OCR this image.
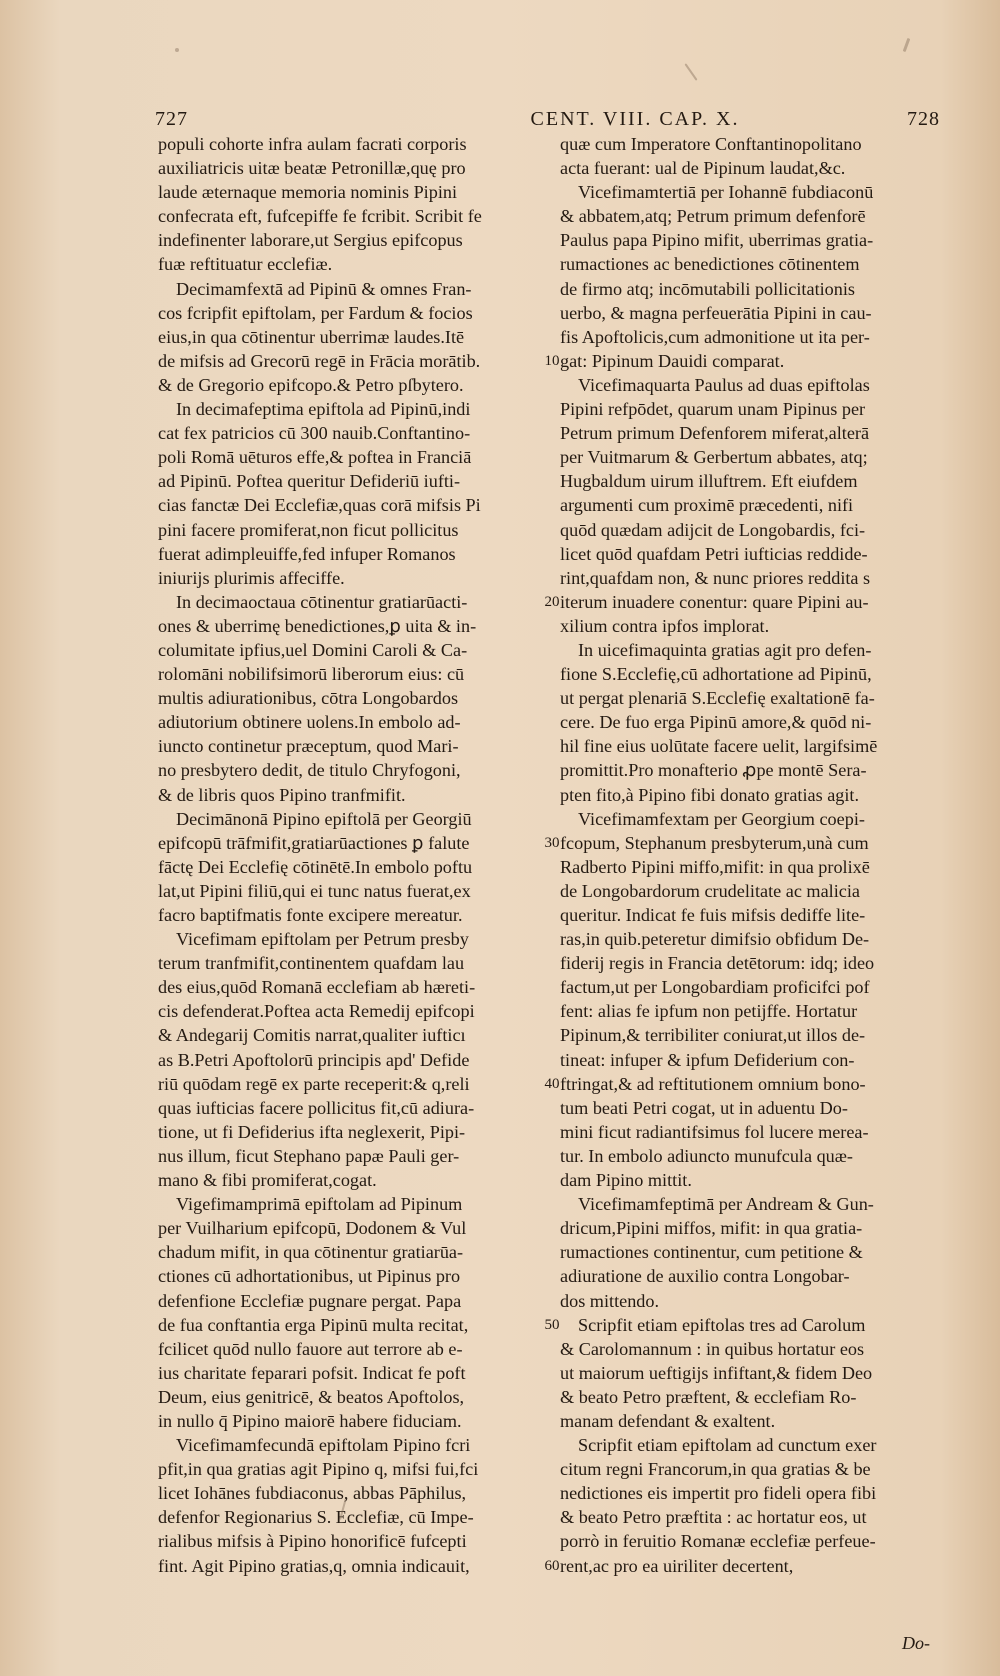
727	CENT. VIII. CAP. X.	728
populi cohorte infra aulam facrati corporis
auxiliatricis uitæ beatæ Petronillæ,quę pro
laude æternaque memoria nominis Pipini
confecrata eft, fufcepiffe fe fcribit. Scribit fe
indefinenter laborare,ut Sergius epifcopus
fuæ reftituatur ecclefiæ.
Decimamfextā ad Pipinū & omnes Fran-
cos fcripfit epiftolam, per Fardum & focios
eius,in qua cōtinentur uberrimæ laudes.Itē
de mifsis ad Grecorū regē in Frācia morātib.
& de Gregorio epifcopo.& Petro pſbytero.
In decimafeptima epiftola ad Pipinū,indi
cat fex patricios cū 300 nauib.Conftantino-
poli Romā uēturos effe,& poftea in Franciā
ad Pipinū. Poftea queritur Defideriū iufti-
cias fanctæ Dei Ecclefiæ,quas corā mifsis Pi
pini facere promiferat,non ficut pollicitus
fuerat adimpleuiffe,fed infuper Romanos
iniurijs plurimis affeciffe.
In decimaoctaua cōtinentur gratiarūacti-
ones & uberrimę benedictiones,ꝑ uita & in-
columitate ipfius,uel Domini Caroli & Ca-
rolomāni nobilifsimorū liberorum eius: cū
multis adiurationibus, cōtra Longobardos
adiutorium obtinere uolens.In embolo ad-
iuncto continetur præceptum, quod Mari-
no presbytero dedit, de titulo Chryfogoni,
& de libris quos Pipino tranfmifit.
Decimānonā Pipino epiftolā per Georgiū
epifcopū trāfmifit,gratiarūactiones ꝑ falute
fāctę Dei Ecclefię cōtinētē.In embolo poftu
lat,ut Pipini filiū,qui ei tunc natus fuerat,ex
facro baptifmatis fonte excipere mereatur.
Vicefimam epiftolam per Petrum presby
terum tranfmifit,continentem quafdam lau
des eius,quōd Romanā ecclefiam ab hæreti-
cis defenderat.Poftea acta Remedij epifcopi
& Andegarij Comitis narrat,qualiter iufticı
as B.Petri Apoftolorū principis apd' Defide
riū quōdam regē ex parte receperit:& q,reli
quas iufticias facere pollicitus fit,cū adiura-
tione, ut fi Defiderius ifta neglexerit, Pipi-
nus illum, ficut Stephano papæ Pauli ger-
mano & fibi promiferat,cogat.
Vigefimamprimā epiftolam ad Pipinum
per Vuilharium epifcopū, Dodonem & Vul
chadum mifit, in qua cōtinentur gratiarūa-
ctiones cū adhortationibus, ut Pipinus pro
defenfione Ecclefiæ pugnare pergat. Papa
de fua conftantia erga Pipinū multa recitat,
fcilicet quōd nullo fauore aut terrore ab e-
ius charitate feparari pofsit. Indicat fe poft
Deum, eius genitricē, & beatos Apoftolos,
in nullo q̄ Pipino maiorē habere fiduciam.
Vicefimamfecundā epiftolam Pipino fcri
pfit,in qua gratias agit Pipino q, mifsi fui,fci
licet Iohānes fubdiaconus, abbas Pāphilus,
defenfor Regionarius S. Ecclefiæ, cū Impe-
rialibus mifsis à Pipino honorificē fufcepti
fint. Agit Pipino gratias,q, omnia indicauit,
quæ cum Imperatore Conftantinopolitano
acta fuerant: ual de Pipinum laudat,&c.
Vicefimamtertiā per Iohannē fubdiaconū
& abbatem,atq; Petrum primum defenforē
Paulus papa Pipino mifit, uberrimas gratia-
rumactiones ac benedictiones cōtinentem
de firmo atq; incōmutabili pollicitationis
uerbo, & magna perfeuerātia Pipini in cau-
fis Apoftolicis,cum admonitione ut ita per-
gat: Pipinum Dauidi comparat.
Vicefimaquarta Paulus ad duas epiftolas
Pipini refpōdet, quarum unam Pipinus per
Petrum primum Defenforem miferat,alterā
per Vuitmarum & Gerbertum abbates, atq;
Hugbaldum uirum illuftrem. Eft eiufdem
argumenti cum proximē præcedenti, nifi
quōd quædam adijcit de Longobardis, fci-
licet quōd quafdam Petri iufticias reddide-
rint,quafdam non, & nunc priores reddita s
iterum inuadere conentur: quare Pipini au-
xilium contra ipfos implorat.
In uicefimaquinta gratias agit pro defen-
fione S.Ecclefię,cū adhortatione ad Pipinū,
ut pergat plenariā S.Ecclefię exaltationē fa-
cere. De fuo erga Pipinū amore,& quōd ni-
hil fine eius uolūtate facere uelit, largifsimē
promittit.Pro monafterio ꝓpe montē Sera-
pten fito,à Pipino fibi donato gratias agit.
Vicefimamfextam per Georgium coepi-
fcopum, Stephanum presbyterum,unà cum
Radberto Pipini miffo,mifit: in qua prolixē
de Longobardorum crudelitate ac malicia
queritur. Indicat fe fuis mifsis dediffe lite-
ras,in quib.peteretur dimifsio obfidum De-
fiderij regis in Francia detētorum: idq; ideo
factum,ut per Longobardiam proficifci pof
fent: alias fe ipfum non petijffe. Hortatur
Pipinum,& terribiliter coniurat,ut illos de-
tineat: infuper & ipfum Defiderium con-
ftringat,& ad reftitutionem omnium bono-
tum beati Petri cogat, ut in aduentu Do-
mini ficut radiantifsimus fol lucere merea-
tur. In embolo adiuncto munufcula quæ-
dam Pipino mittit.
Vicefimamfeptimā per Andream & Gun-
dricum,Pipini miffos, mifit: in qua gratia-
rumactiones continentur, cum petitione &
adiuratione de auxilio contra Longobar-
dos mittendo.
Scripfit etiam epiftolas tres ad Carolum
& Carolomannum : in quibus hortatur eos
ut maiorum ueftigijs infiftant,& fidem Deo
& beato Petro præftent, & ecclefiam Ro-
manam defendant & exaltent.
Scripfit etiam epiftolam ad cunctum exer
citum regni Francorum,in qua gratias & be
nedictiones eis impertit pro fideli opera fibi
& beato Petro præftita : ac hortatur eos, ut
porrò in feruitio Romanæ ecclefiæ perfeue-
rent,ac pro ea uiriliter decertent,
10
20
30
40
50
60
Do-
